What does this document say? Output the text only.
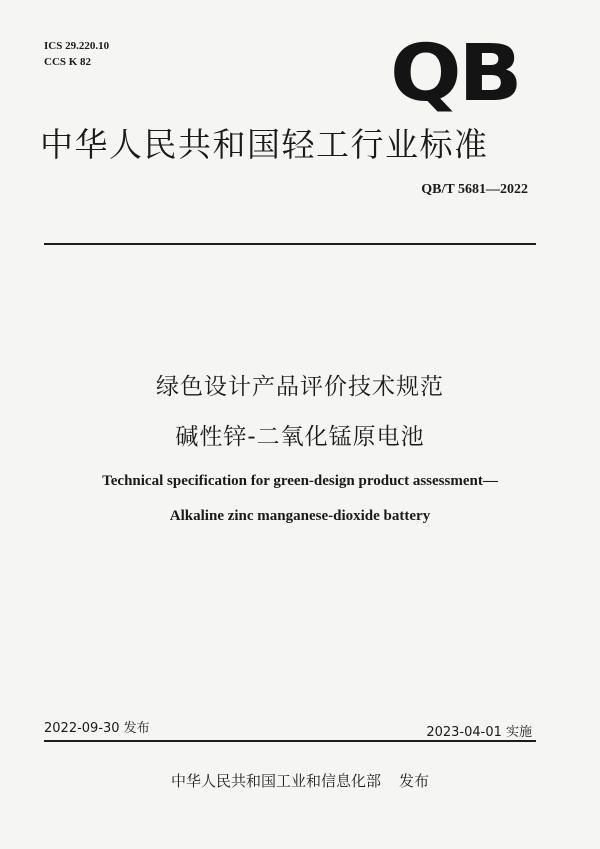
ICS 29.220.10
CCS K 82	QB
中华人民共和国轻工行业标准
QB/T 5681—2022
绿色设计产品评价技术规范
碱性锌-二氧化锰原电池
Technical specification for green-design product assessment—
Alkaline zinc manganese-dioxide battery
2022-09-30 发布	2023-04-01 实施
中华人民共和国工业和信息化部 发布
